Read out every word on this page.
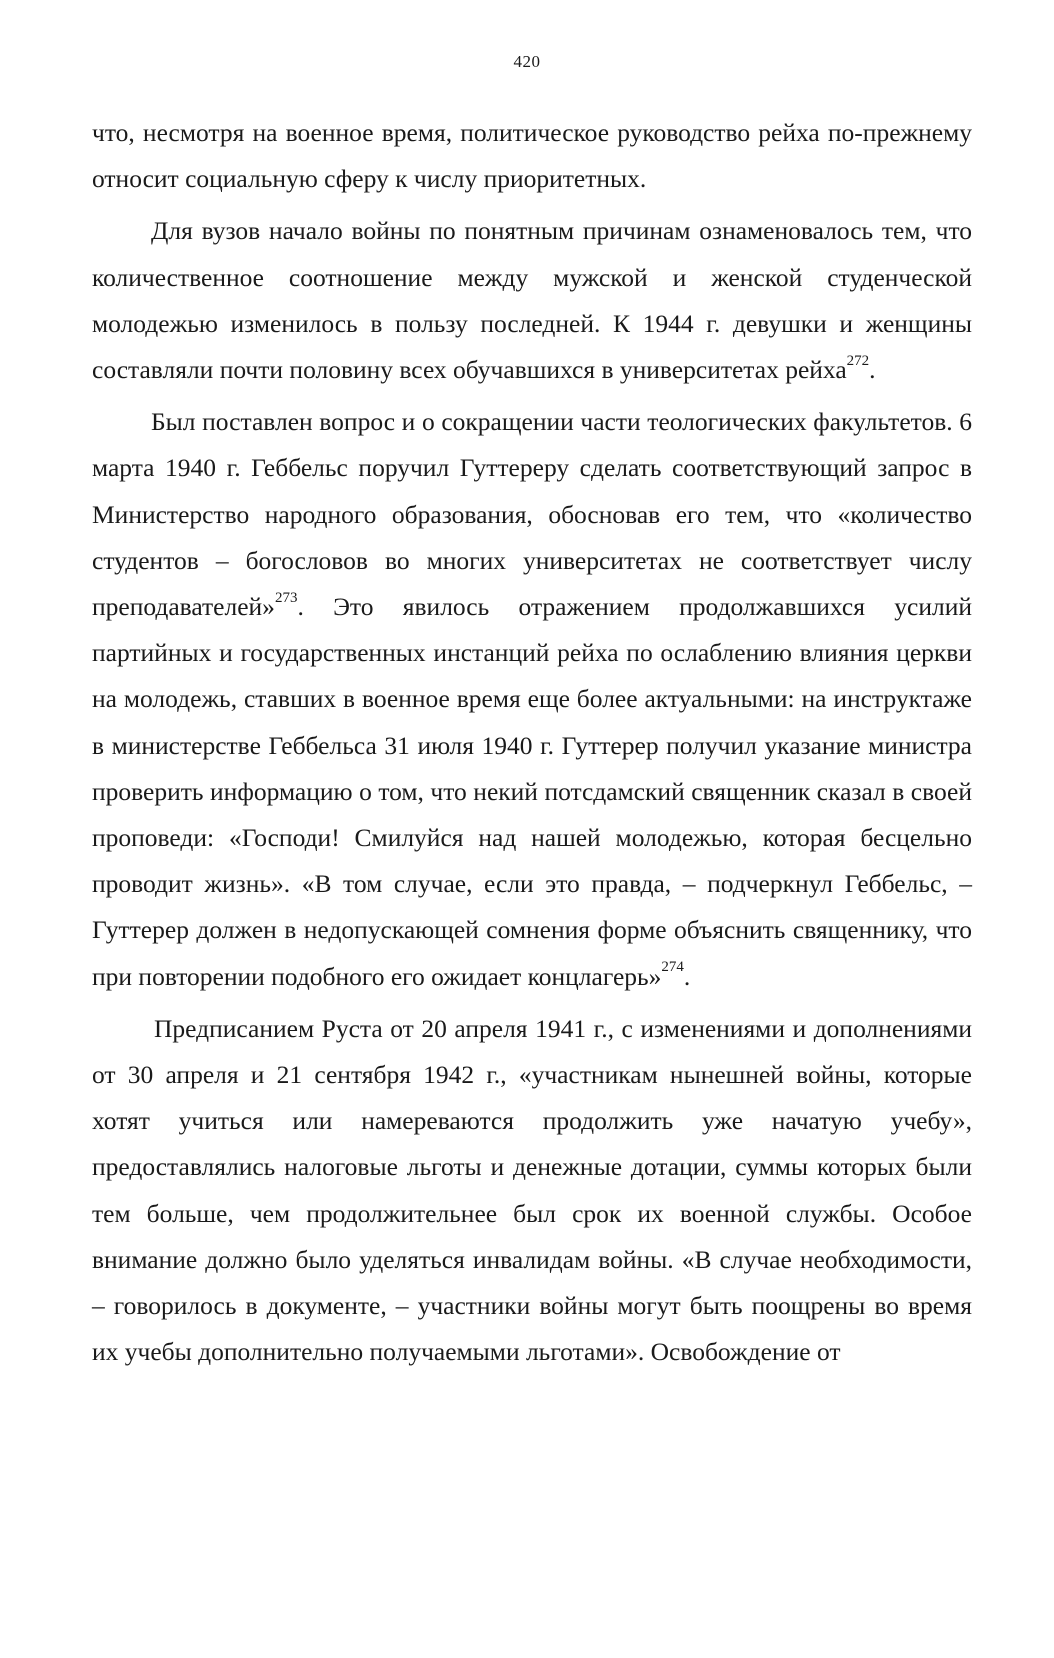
420

что, несмотря на военное время, политическое руководство рейха по-прежнему относит социальную сферу к числу приоритетных.

Для вузов начало войны по понятным причинам ознаменовалось тем, что количественное соотношение между мужской и женской студенческой молодежью изменилось в пользу последней. К 1944 г. девушки и женщины составляли почти половину всех обучавшихся в университетах рейха$^{272}$.

Был поставлен вопрос и о сокращении части теологических факультетов. 6 марта 1940 г. Геббельс поручил Гуттереру сделать соответствующий запрос в Министерство народного образования, обосновав его тем, что «количество студентов – богословов во многих университетах не соответствует числу преподавателей»$^{273}$. Это явилось отражением продолжавшихся усилий партийных и государственных инстанций рейха по ослаблению влияния церкви на молодежь, ставших в военное время еще более актуальными: на инструктаже в министерстве Геббельса 31 июля 1940 г. Гуттерер получил указание министра проверить информацию о том, что некий потсдамский священник сказал в своей проповеди: «Господи! Смилуйся над нашей молодежью, которая бесцельно проводит жизнь». «В том случае, если это правда, – подчеркнул Геббельс, – Гуттерер должен в недопускающей сомнения форме объяснить священнику, что при повторении подобного его ожидает концлагерь»$^{274}$.

Предписанием Руста от 20 апреля 1941 г., с изменениями и дополнениями от 30 апреля и 21 сентября 1942 г., «участникам нынешней войны, которые хотят учиться или намереваются продолжить уже начатую учебу», предоставлялись налоговые льготы и денежные дотации, суммы которых были тем больше, чем продолжительнее был срок их военной службы. Особое внимание должно было уделяться инвалидам войны. «В случае необходимости, – говорилось в документе, – участники войны могут быть поощрены во время их учебы дополнительно получаемыми льготами». Освобождение от
